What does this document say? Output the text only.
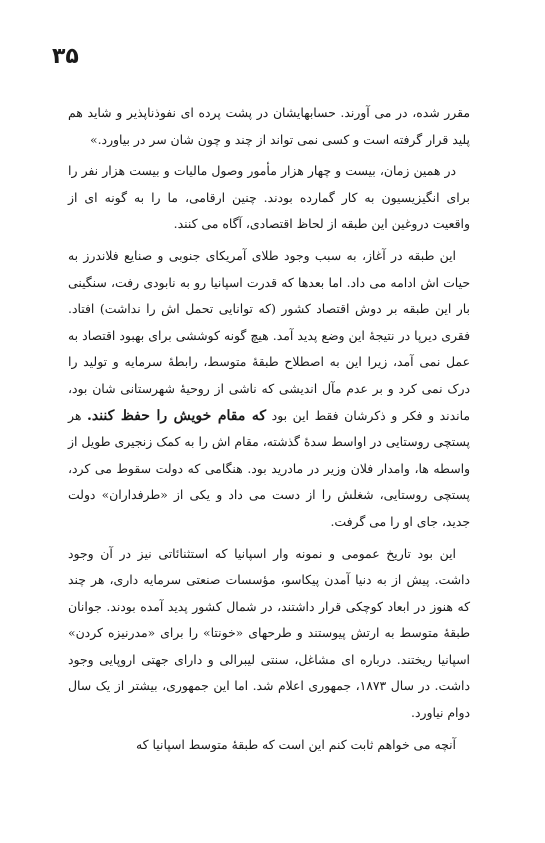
۳۵

مقرر شده، در می آورند. حسابهایشان در پشت پرده ای نفوذناپذیر و شاید هم پلید قرار گرفته است و کسی نمی تواند از چند و چون شان سر در بیاورد.»

در همین زمان، بیست و چهار هزار مأمور وصول مالیات و بیست هزار نفر را برای انگیزیسیون به کار گمارده بودند. چنین ارقامی، ما را به گونه ای از واقعیت دروغین این طبقه از لحاظ اقتصادی، آگاه می کنند.

این طبقه در آغاز، به سبب وجود طلای آمریکای جنوبی و صنایع فلاندرز به حیات اش ادامه می داد. اما بعدها که قدرت اسپانیا رو به نابودی رفت، سنگینی بار این طبقه بر دوش اقتصاد کشور (که توانایی تحمل اش را نداشت) افتاد. فقری دیرپا در نتیجهٔ این وضع پدید آمد. هیچ گونه کوششی برای بهبود اقتصاد به عمل نمی آمد، زیرا این به اصطلاح طبقهٔ متوسط، رابطهٔ سرمایه و تولید را درک نمی کرد و بر عدم مآل اندیشی که ناشی از روحیهٔ شهرستانی شان بود، ماندند و فکر و ذکرشان فقط این بود که مقام خویش را حفظ کنند. هر پستچی روستایی در اواسط سدهٔ گذشته، مقام اش را به کمک زنجیری طویل از واسطه ها، وامدار فلان وزیر در مادرید بود. هنگامی که دولت سقوط می کرد، پستچی روستایی، شغلش را از دست می داد و یکی از «طرفداران» دولت جدید، جای او را می گرفت.

این بود تاریخ عمومی و نمونه وار اسپانیا که استثنائاتی نیز در آن وجود داشت. پیش از به دنیا آمدن پیکاسو، مؤسسات صنعتی سرمایه داری، هر چند که هنوز در ابعاد کوچکی قرار داشتند، در شمال کشور پدید آمده بودند. جوانان طبقهٔ متوسط به ارتش پیوستند و طرحهای «خونتا» را برای «مدرنیزه کردن» اسپانیا ریختند. درباره ای مشاغل، سنتی لیبرالی و دارای جهتی اروپایی وجود داشت. در سال ۱۸۷۳، جمهوری اعلام شد. اما این جمهوری، بیشتر از یک سال دوام نیاورد.

آنچه می خواهم ثابت کنم این است که طبقهٔ متوسط اسپانیا که
